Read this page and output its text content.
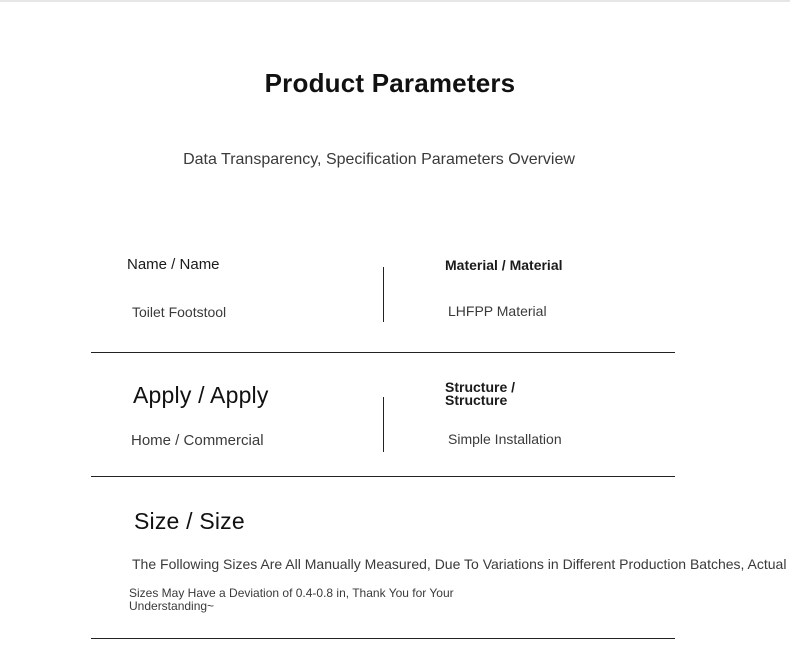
Product Parameters
Data Transparency, Specification Parameters Overview
Name / Name
Toilet Footstool
Material / Material
LHFPP Material
Apply / Apply
Home / Commercial
Structure /
Structure
Simple Installation
Size / Size
The Following Sizes Are All Manually Measured, Due To Variations in Different Production Batches, Actual
Sizes May Have a Deviation of 0.4-0.8 in, Thank You for Your Understanding~
